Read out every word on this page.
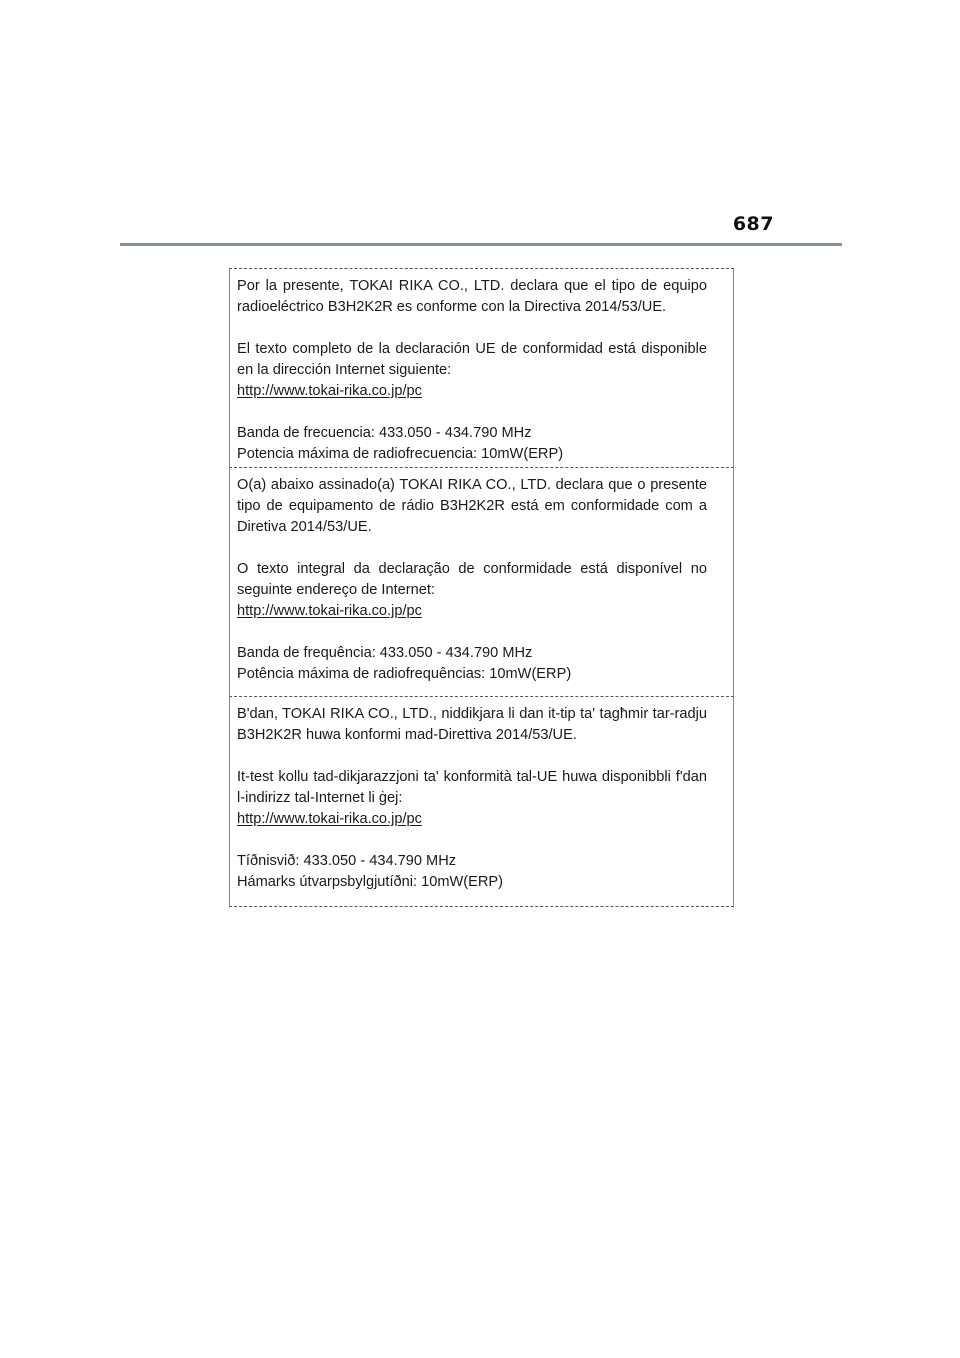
687

Por la presente, TOKAI RIKA CO., LTD. declara que el tipo de equipo radioeléctrico B3H2K2R es conforme con la Directiva 2014/53/UE.

El texto completo de la declaración UE de conformidad está disponible en la dirección Internet siguiente:

http://www.tokai-rika.co.jp/pc

Banda de frecuencia: 433.050 - 434.790 MHz

Potencia máxima de radiofrecuencia: 10mW(ERP)

O(a) abaixo assinado(a) TOKAI RIKA CO., LTD. declara que o presente tipo de equipamento de rádio B3H2K2R está em conformidade com a Diretiva 2014/53/UE.

O texto integral da declaração de conformidade está disponível no seguinte endereço de Internet:

http://www.tokai-rika.co.jp/pc

Banda de frequência: 433.050 - 434.790 MHz

Potência máxima de radiofrequências: 10mW(ERP)

B'dan, TOKAI RIKA CO., LTD., niddikjara li dan it-tip ta' tagħmir tar-radju B3H2K2R huwa konformi mad-Direttiva 2014/53/UE.

It-test kollu tad-dikjarazzjoni ta' konformità tal-UE huwa disponibbli f'dan l-indirizz tal-Internet li ġej:

http://www.tokai-rika.co.jp/pc

Tíðnisvið: 433.050 - 434.790 MHz

Hámarks útvarpsbylgjutíðni: 10mW(ERP)
